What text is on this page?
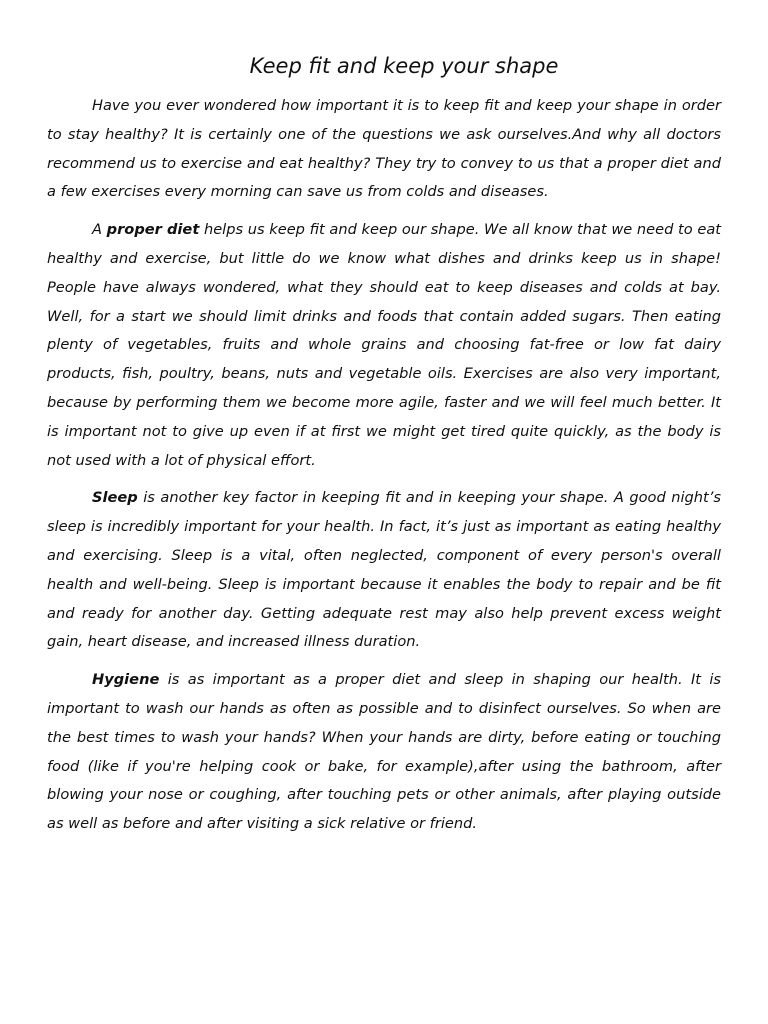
Keep fit and keep your shape

Have you ever wondered how important it is to keep fit and keep your shape in order to stay healthy? It is certainly one of the questions we ask ourselves.And why all doctors recommend us to exercise and eat healthy? They try to convey to us that a proper diet and a few exercises every morning can save us from colds and diseases.

A proper diet helps us keep fit and keep our shape. We all know that we need to eat healthy and exercise, but little do we know what dishes and drinks keep us in shape! People have always wondered, what they should eat to keep diseases and colds at bay. Well, for a start we should limit drinks and foods that contain added sugars. Then eating plenty of vegetables, fruits and whole grains and choosing fat-free or low fat dairy products, fish, poultry, beans, nuts and vegetable oils. Exercises are also very important, because by performing them we become more agile, faster and we will feel much better. It is important not to give up even if at first we might get tired quite quickly, as the body is not used with a lot of physical effort.

Sleep is another key factor in keeping fit and in keeping your shape. A good night’s sleep is incredibly important for your health. In fact, it’s just as important as eating healthy and exercising. Sleep is a vital, often neglected, component of every person's overall health and well-being. Sleep is important because it enables the body to repair and be fit and ready for another day. Getting adequate rest may also help prevent excess weight gain, heart disease, and increased illness duration.

Hygiene is as important as a proper diet and sleep in shaping our health. It is important to wash our hands as often as possible and to disinfect ourselves. So when are the best times to wash your hands? When your hands are dirty, before eating or touching food (like if you're helping cook or bake, for example),after using the bathroom, after blowing your nose or coughing, after touching pets or other animals, after playing outside as well as before and after visiting a sick relative or friend.
